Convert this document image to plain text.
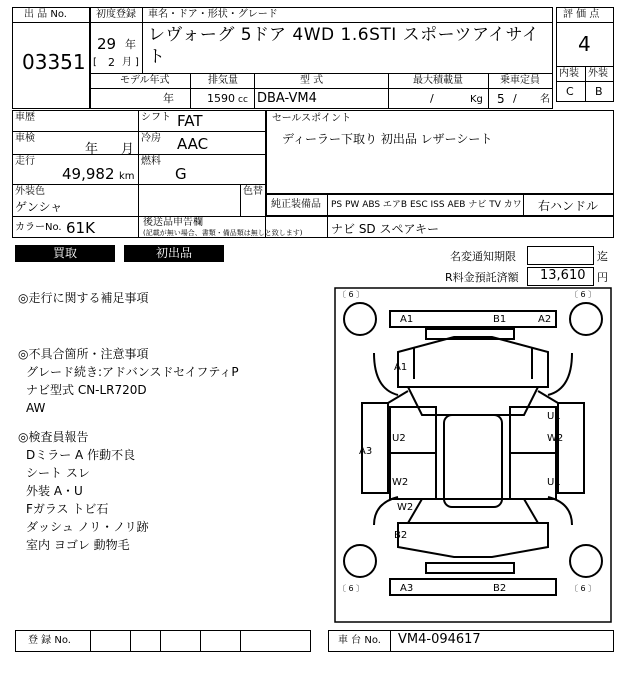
出 品 No.
03351
初度登録
29 年
[ 2 月 ]
車名・ドア・形状・グレード
レヴォーグ 5ドア 4WD 1.6STI スポーツアイサイト
モデル年式
年
排気量
1590 cc
型 式
DBA-VM4
最大積載量
/	Kg
乗車定員
5 / 名
評 価 点
4
内装 外装
C B
車歴	シフト FAT
車検
年 月
冷房 AAC
走行
49,982 km
燃料
G
外装色
ゲンシャ
色替
カラーNo. 61K
セールスポイント
ディーラー下取り 初出品 レザーシート
純正装備品 PS PW ABS エアB ESC ISS AEB ナビ TV カワ 右ハンドル
後送品申告欄
(記載が無い場合、書類・備品類は無しと致します) ナビ SD スペアキー
買取	初出品	名変通知期限	迄
R料金預託済額 13,610 円
◎走行に関する補足事項
◎不具合箇所・注意事項
グレード続き:アドバンスドセイフティP
ナビ型式 CN-LR720D
AW
◎検査員報告
Dミラー A 作動不良
シート スレ
外装 A・U
Fガラス トビ石
ダッシュ ノリ・ノリ跡
室内 ヨゴレ 動物毛
〔 6 〕	〔 6 〕
〔 6 〕	〔 6 〕
A1	B1	A2
A1
U1
U2	W2
A3
W2	U1
W2
B2
A3	B2
登 録 No.	車 台 No. VM4-094617
